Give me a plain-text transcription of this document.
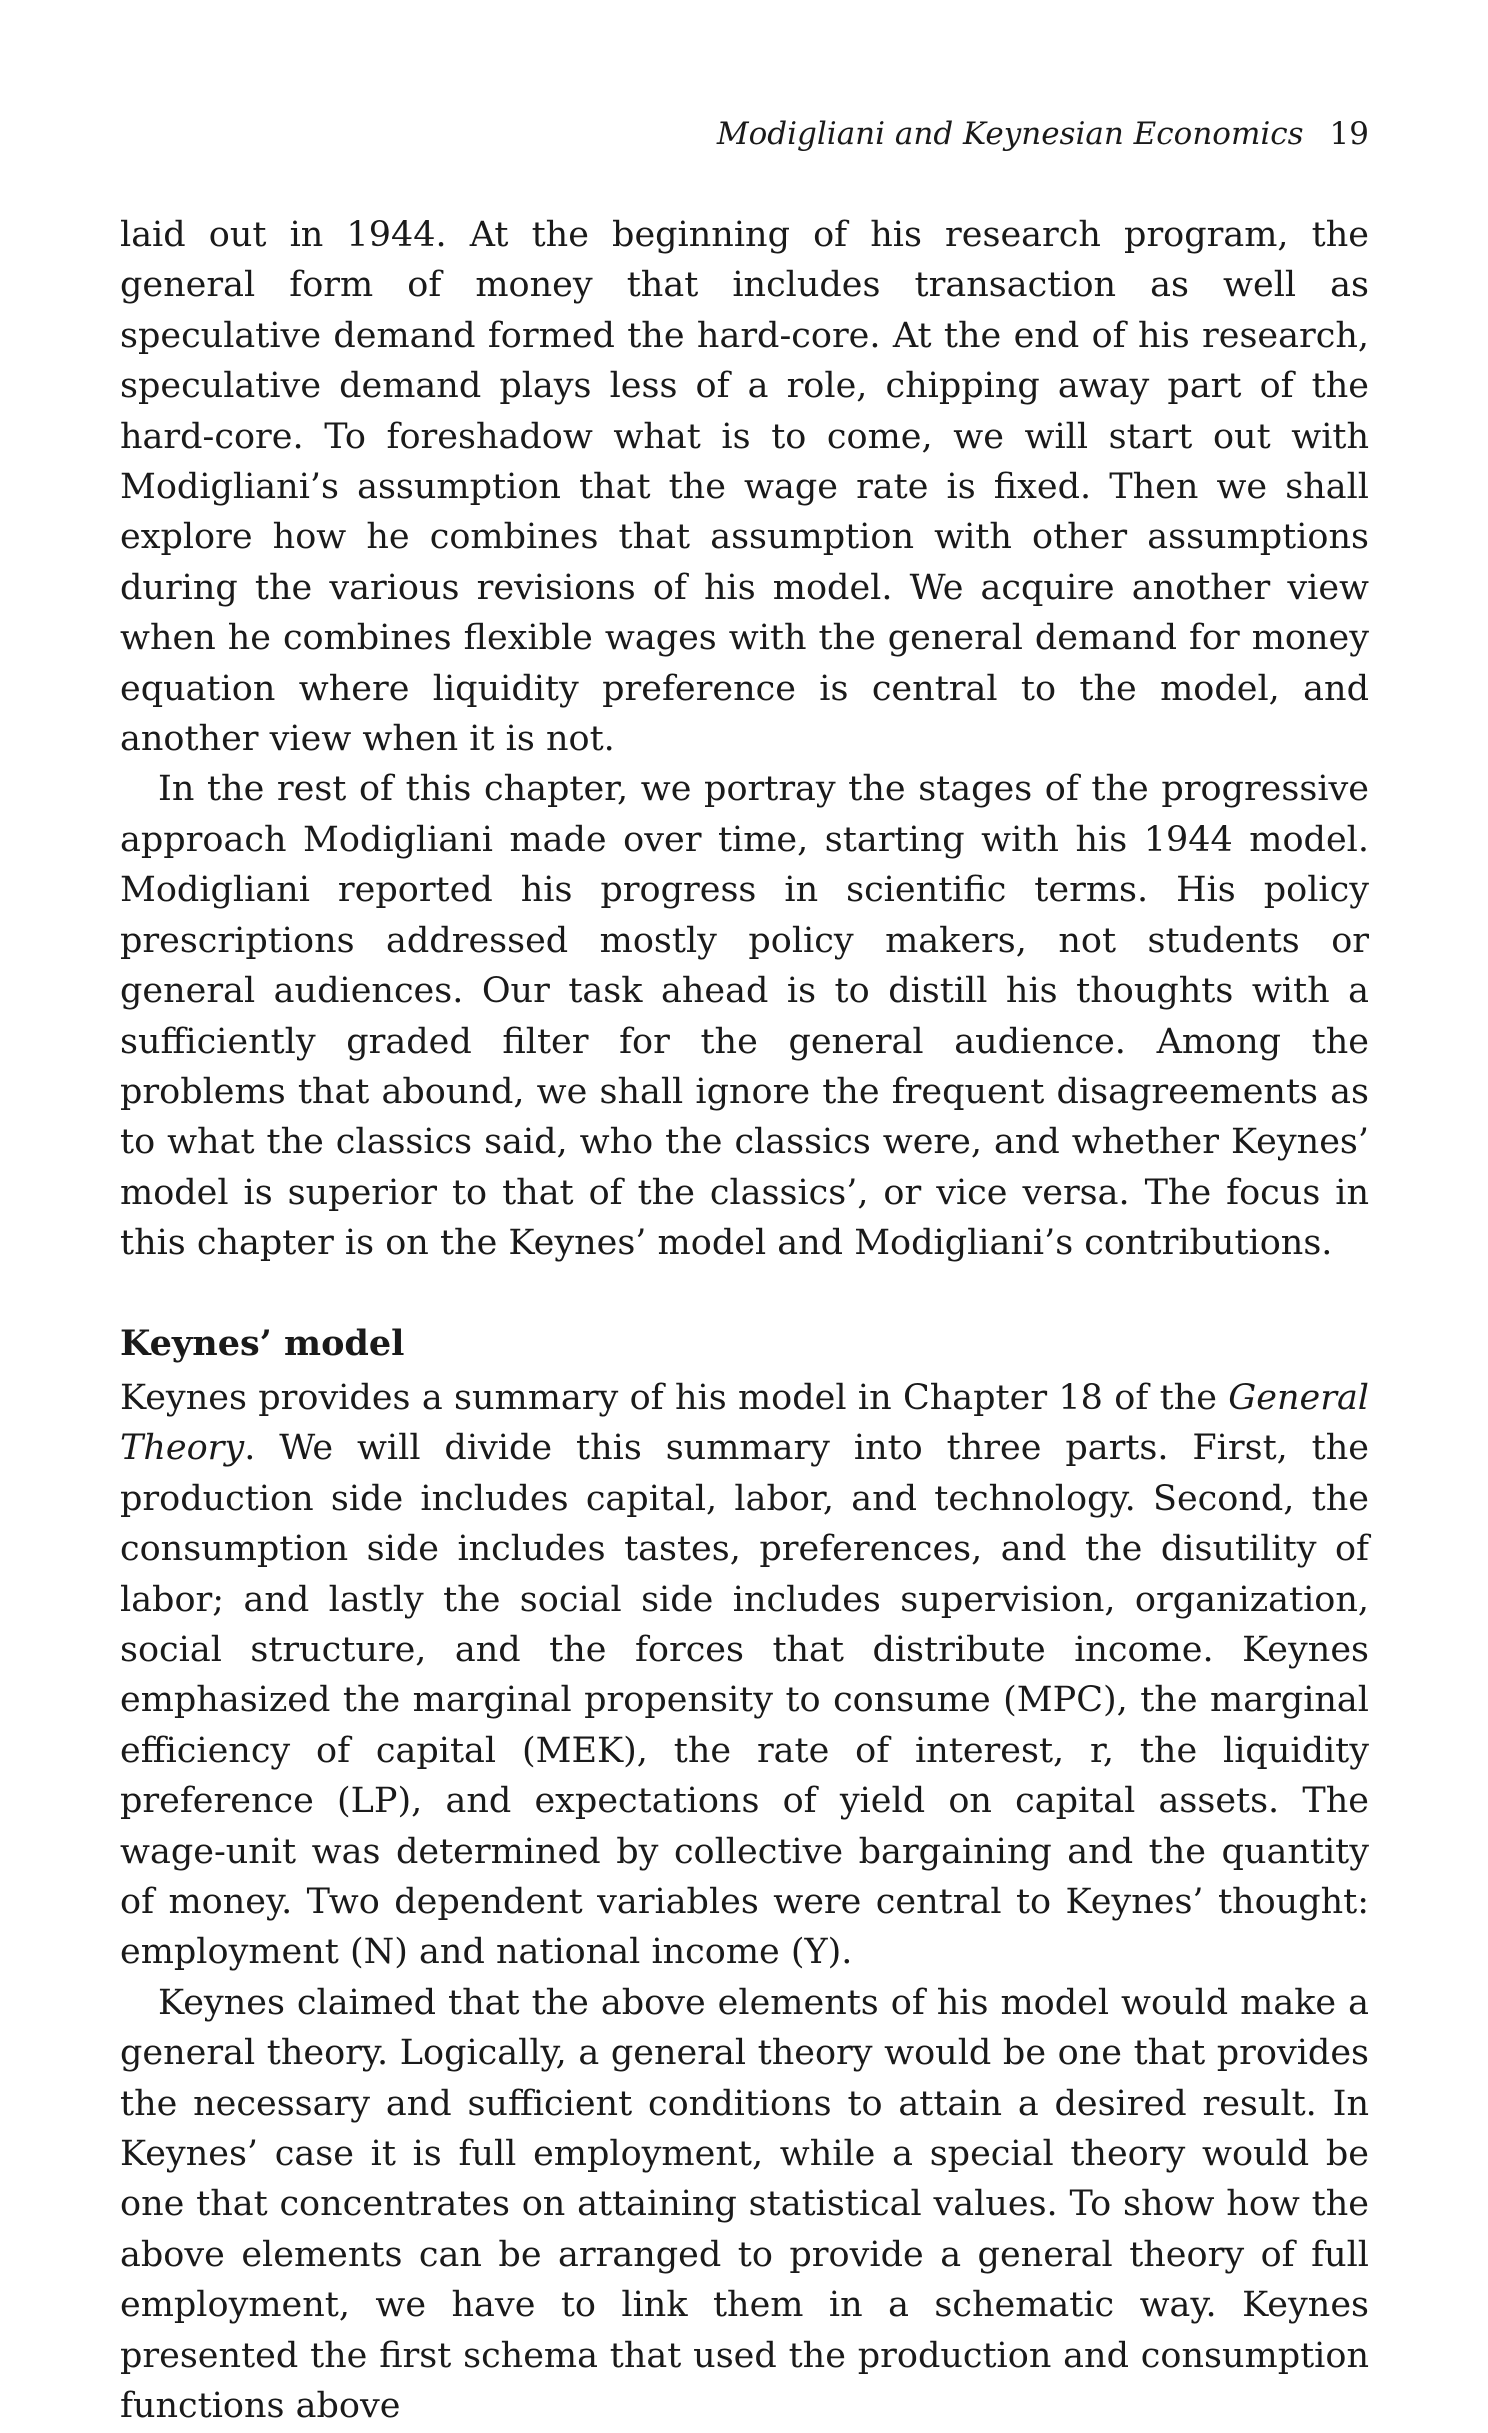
Modigliani and Keynesian Economics 19

laid out in 1944. At the beginning of his research program, the general form of money that includes transaction as well as speculative demand formed the hard-core. At the end of his research, speculative demand plays less of a role, chipping away part of the hard-core. To foreshadow what is to come, we will start out with Modigliani’s assumption that the wage rate is fixed. Then we shall explore how he combines that assumption with other assumptions during the various revisions of his model. We acquire another view when he combines flexible wages with the general demand for money equation where liquidity preference is central to the model, and another view when it is not.

In the rest of this chapter, we portray the stages of the progressive approach Modigliani made over time, starting with his 1944 model. Modigliani reported his progress in scientific terms. His policy prescriptions addressed mostly policy makers, not students or general audiences. Our task ahead is to distill his thoughts with a sufficiently graded filter for the general audience. Among the problems that abound, we shall ignore the frequent disagreements as to what the classics said, who the classics were, and whether Keynes’ model is superior to that of the classics’, or vice versa. The focus in this chapter is on the Keynes’ model and Modigliani’s contributions.

Keynes’ model

Keynes provides a summary of his model in Chapter 18 of the General Theory. We will divide this summary into three parts. First, the production side includes capital, labor, and technology. Second, the consumption side includes tastes, preferences, and the disutility of labor; and lastly the social side includes supervision, organization, social structure, and the forces that distribute income. Keynes emphasized the marginal propensity to consume (MPC), the marginal efficiency of capital (MEK), the rate of interest, r, the liquidity preference (LP), and expectations of yield on capital assets. The wage-unit was determined by collective bargaining and the quantity of money. Two dependent variables were central to Keynes’ thought: employment (N) and national income (Y).

Keynes claimed that the above elements of his model would make a general theory. Logically, a general theory would be one that provides the necessary and sufficient conditions to attain a desired result. In Keynes’ case it is full employment, while a special theory would be one that concentrates on attaining statistical values. To show how the above elements can be arranged to provide a general theory of full employment, we have to link them in a schematic way. Keynes presented the first schema that used the production and consumption functions above
